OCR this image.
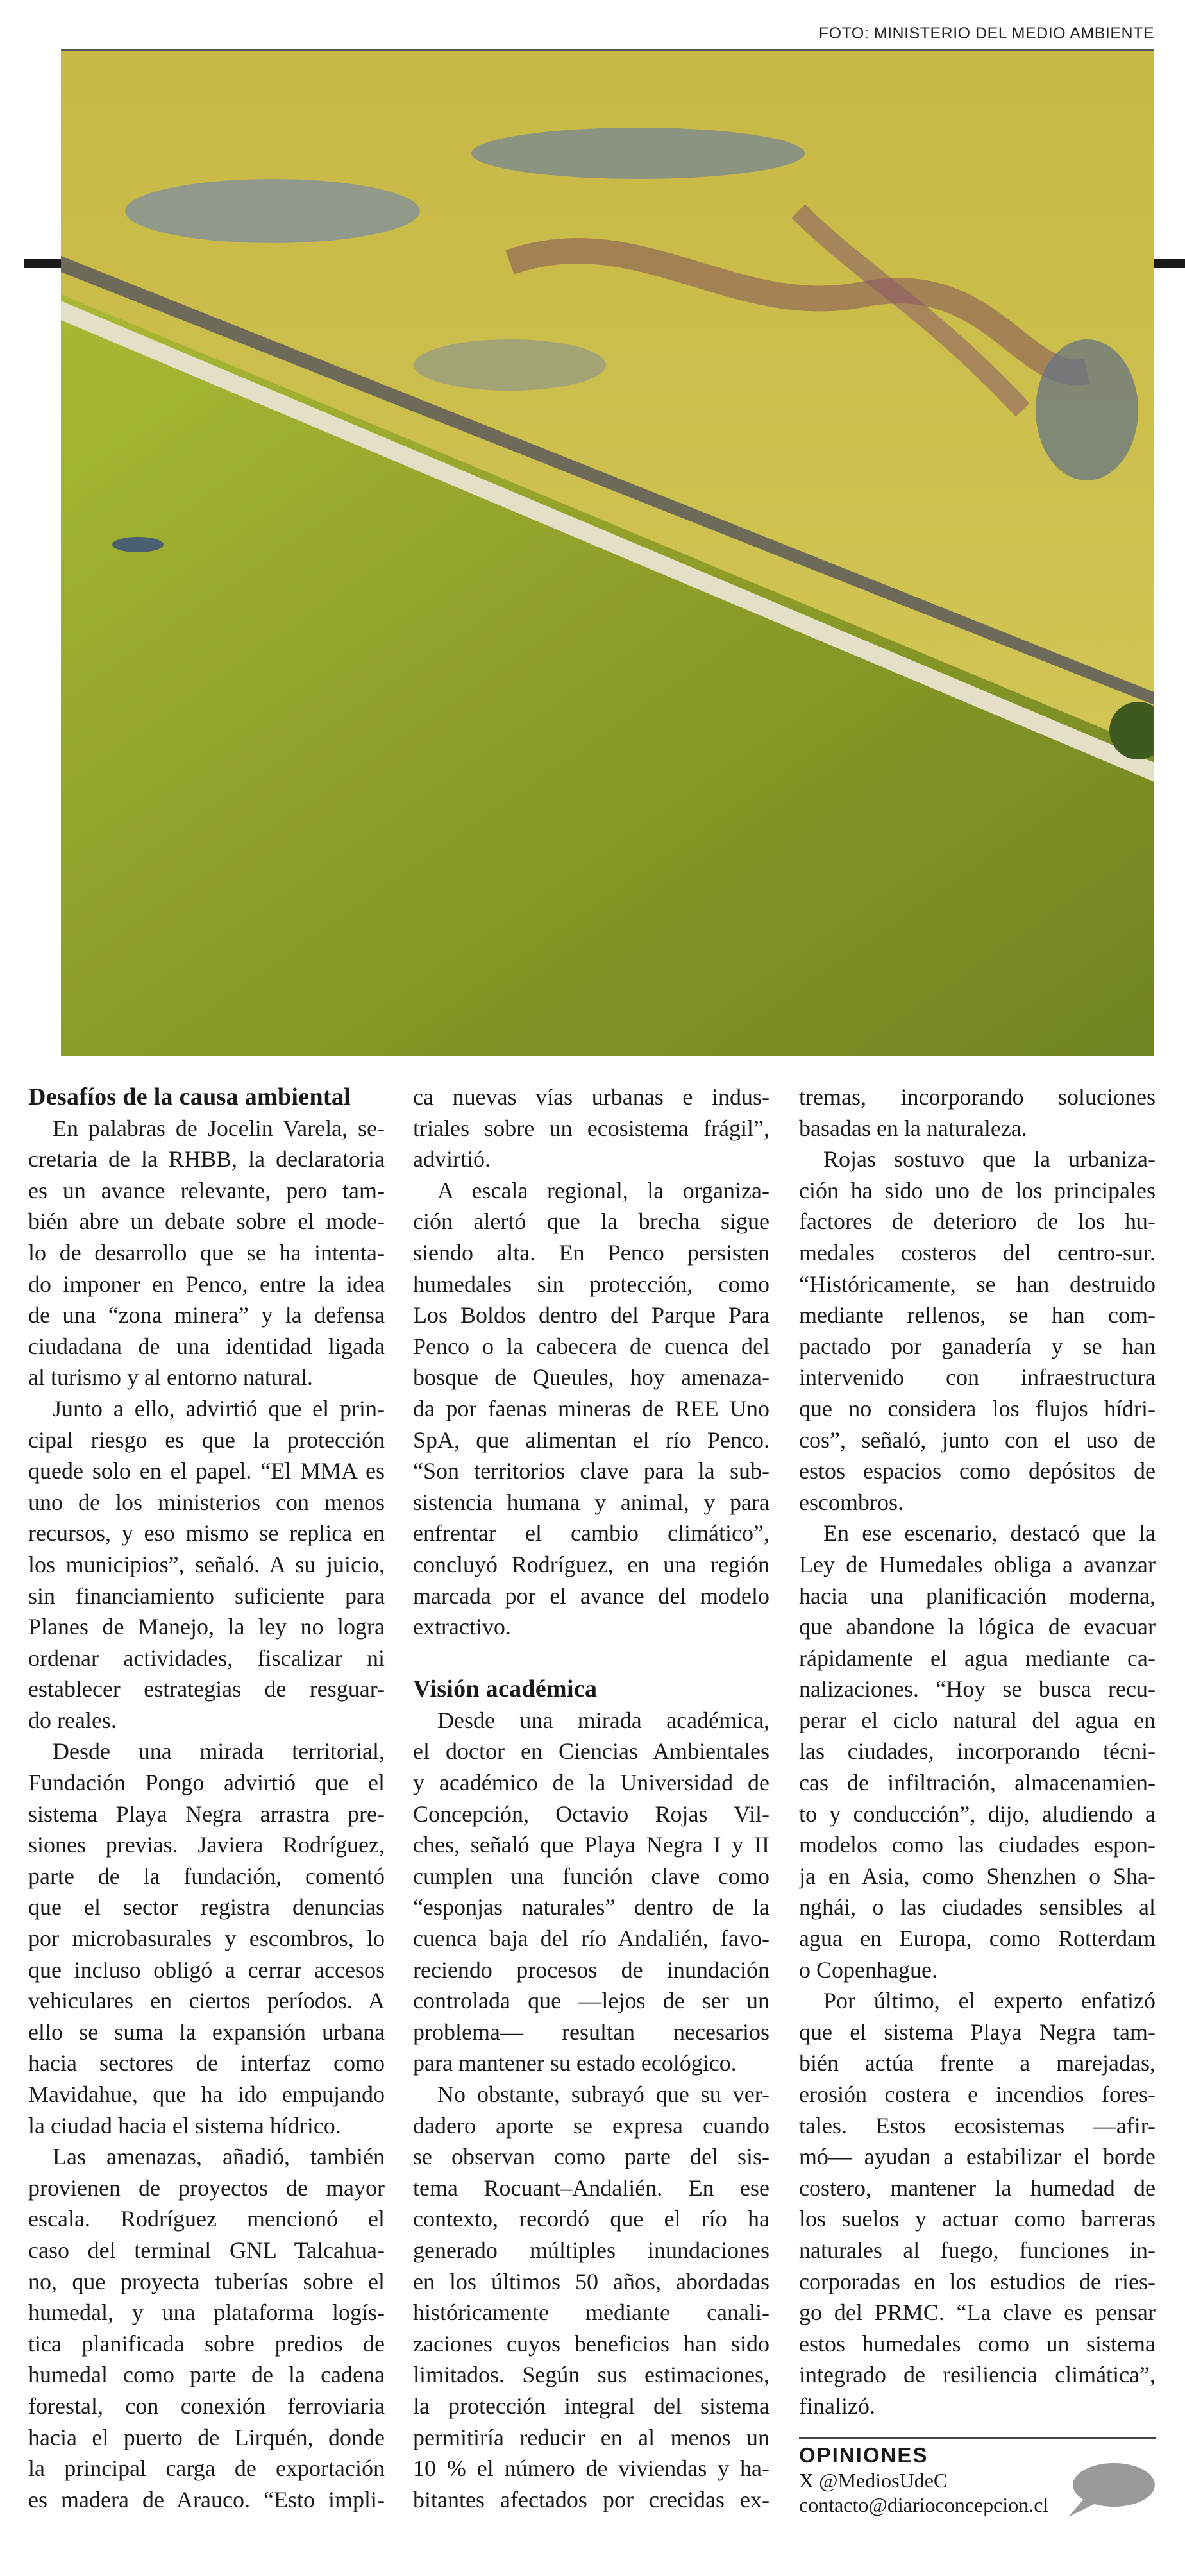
FOTO: MINISTERIO DEL MEDIO AMBIENTE
Desafíos de la causa ambiental
En palabras de Jocelin Varela, se-
cretaria de la RHBB, la declaratoria
es un avance relevante, pero tam-
bién abre un debate sobre el mode-
lo de desarrollo que se ha intenta-
do imponer en Penco, entre la idea
de una “zona minera” y la defensa
ciudadana de una identidad ligada
al turismo y al entorno natural.
Junto a ello, advirtió que el prin-
cipal riesgo es que la protección
quede solo en el papel. “El MMA es
uno de los ministerios con menos
recursos, y eso mismo se replica en
los municipios”, señaló. A su juicio,
sin financiamiento suficiente para
Planes de Manejo, la ley no logra
ordenar actividades, fiscalizar ni
establecer estrategias de resguar-
do reales.
Desde una mirada territorial,
Fundación Pongo advirtió que el
sistema Playa Negra arrastra pre-
siones previas. Javiera Rodríguez,
parte de la fundación, comentó
que el sector registra denuncias
por microbasurales y escombros, lo
que incluso obligó a cerrar accesos
vehiculares en ciertos períodos. A
ello se suma la expansión urbana
hacia sectores de interfaz como
Mavidahue, que ha ido empujando
la ciudad hacia el sistema hídrico.
Las amenazas, añadió, también
provienen de proyectos de mayor
escala. Rodríguez mencionó el
caso del terminal GNL Talcahua-
no, que proyecta tuberías sobre el
humedal, y una plataforma logís-
tica planificada sobre predios de
humedal como parte de la cadena
forestal, con conexión ferroviaria
hacia el puerto de Lirquén, donde
la principal carga de exportación
es madera de Arauco. “Esto impli-
ca nuevas vías urbanas e indus-
triales sobre un ecosistema frágil”,
advirtió.
A escala regional, la organiza-
ción alertó que la brecha sigue
siendo alta. En Penco persisten
humedales sin protección, como
Los Boldos dentro del Parque Para
Penco o la cabecera de cuenca del
bosque de Queules, hoy amenaza-
da por faenas mineras de REE Uno
SpA, que alimentan el río Penco.
“Son territorios clave para la sub-
sistencia humana y animal, y para
enfrentar el cambio climático”,
concluyó Rodríguez, en una región
marcada por el avance del modelo
extractivo.
Visión académica
Desde una mirada académica,
el doctor en Ciencias Ambientales
y académico de la Universidad de
Concepción, Octavio Rojas Vil-
ches, señaló que Playa Negra I y II
cumplen una función clave como
“esponjas naturales” dentro de la
cuenca baja del río Andalién, favo-
reciendo procesos de inundación
controlada que —lejos de ser un
problema— resultan necesarios
para mantener su estado ecológico.
No obstante, subrayó que su ver-
dadero aporte se expresa cuando
se observan como parte del sis-
tema Rocuant–Andalién. En ese
contexto, recordó que el río ha
generado múltiples inundaciones
en los últimos 50 años, abordadas
históricamente mediante canali-
zaciones cuyos beneficios han sido
limitados. Según sus estimaciones,
la protección integral del sistema
permitiría reducir en al menos un
10 % el número de viviendas y ha-
bitantes afectados por crecidas ex-
tremas, incorporando soluciones
basadas en la naturaleza.
Rojas sostuvo que la urbaniza-
ción ha sido uno de los principales
factores de deterioro de los hu-
medales costeros del centro-sur.
“Históricamente, se han destruido
mediante rellenos, se han com-
pactado por ganadería y se han
intervenido con infraestructura
que no considera los flujos hídri-
cos”, señaló, junto con el uso de
estos espacios como depósitos de
escombros.
En ese escenario, destacó que la
Ley de Humedales obliga a avanzar
hacia una planificación moderna,
que abandone la lógica de evacuar
rápidamente el agua mediante ca-
nalizaciones. “Hoy se busca recu-
perar el ciclo natural del agua en
las ciudades, incorporando técni-
cas de infiltración, almacenamien-
to y conducción”, dijo, aludiendo a
modelos como las ciudades espon-
ja en Asia, como Shenzhen o Sha-
nghái, o las ciudades sensibles al
agua en Europa, como Rotterdam
o Copenhague.
Por último, el experto enfatizó
que el sistema Playa Negra tam-
bién actúa frente a marejadas,
erosión costera e incendios fores-
tales. Estos ecosistemas —afir-
mó— ayudan a estabilizar el borde
costero, mantener la humedad de
los suelos y actuar como barreras
naturales al fuego, funciones in-
corporadas en los estudios de ries-
go del PRMC. “La clave es pensar
estos humedales como un sistema
integrado de resiliencia climática”,
finalizó.
OPINIONES
X @MediosUdeC
contacto@diarioconcepcion.cl
